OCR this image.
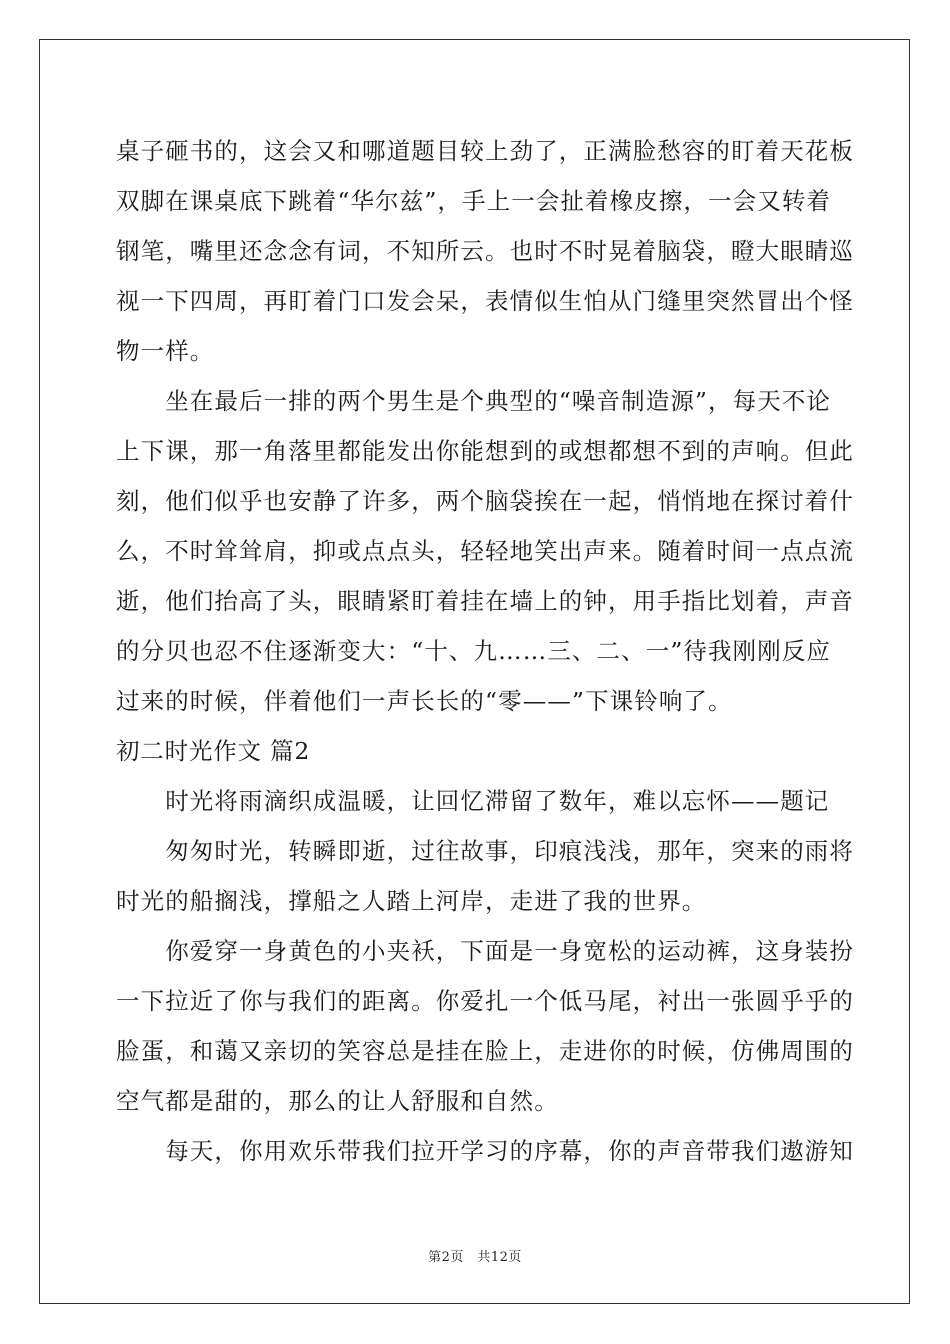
桌子砸书的，这会又和哪道题目较上劲了，正满脸愁容的盯着天花板
双脚在课桌底下跳着“华尔兹”，手上一会扯着橡皮擦，一会又转着
钢笔，嘴里还念念有词，不知所云。也时不时晃着脑袋，瞪大眼睛巡
视一下四周，再盯着门口发会呆，表情似生怕从门缝里突然冒出个怪
物一样。
　　坐在最后一排的两个男生是个典型的“噪音制造源”，每天不论
上下课，那一角落里都能发出你能想到的或想都想不到的声响。但此
刻，他们似乎也安静了许多，两个脑袋挨在一起，悄悄地在探讨着什
么，不时耸耸肩，抑或点点头，轻轻地笑出声来。随着时间一点点流
逝，他们抬高了头，眼睛紧盯着挂在墙上的钟，用手指比划着，声音
的分贝也忍不住逐渐变大：“十、九……三、二、一”待我刚刚反应
过来的时候，伴着他们一声长长的“零——”下课铃响了。
初二时光作文 篇2
　　时光将雨滴织成温暖，让回忆滞留了数年，难以忘怀——题记
　　匆匆时光，转瞬即逝，过往故事，印痕浅浅，那年，突来的雨将
时光的船搁浅，撑船之人踏上河岸，走进了我的世界。
　　你爱穿一身黄色的小夹袄，下面是一身宽松的运动裤，这身装扮
一下拉近了你与我们的距离。你爱扎一个低马尾，衬出一张圆乎乎的
脸蛋，和蔼又亲切的笑容总是挂在脸上，走进你的时候，仿佛周围的
空气都是甜的，那么的让人舒服和自然。
　　每天，你用欢乐带我们拉开学习的序幕，你的声音带我们遨游知
第2页　共12页
